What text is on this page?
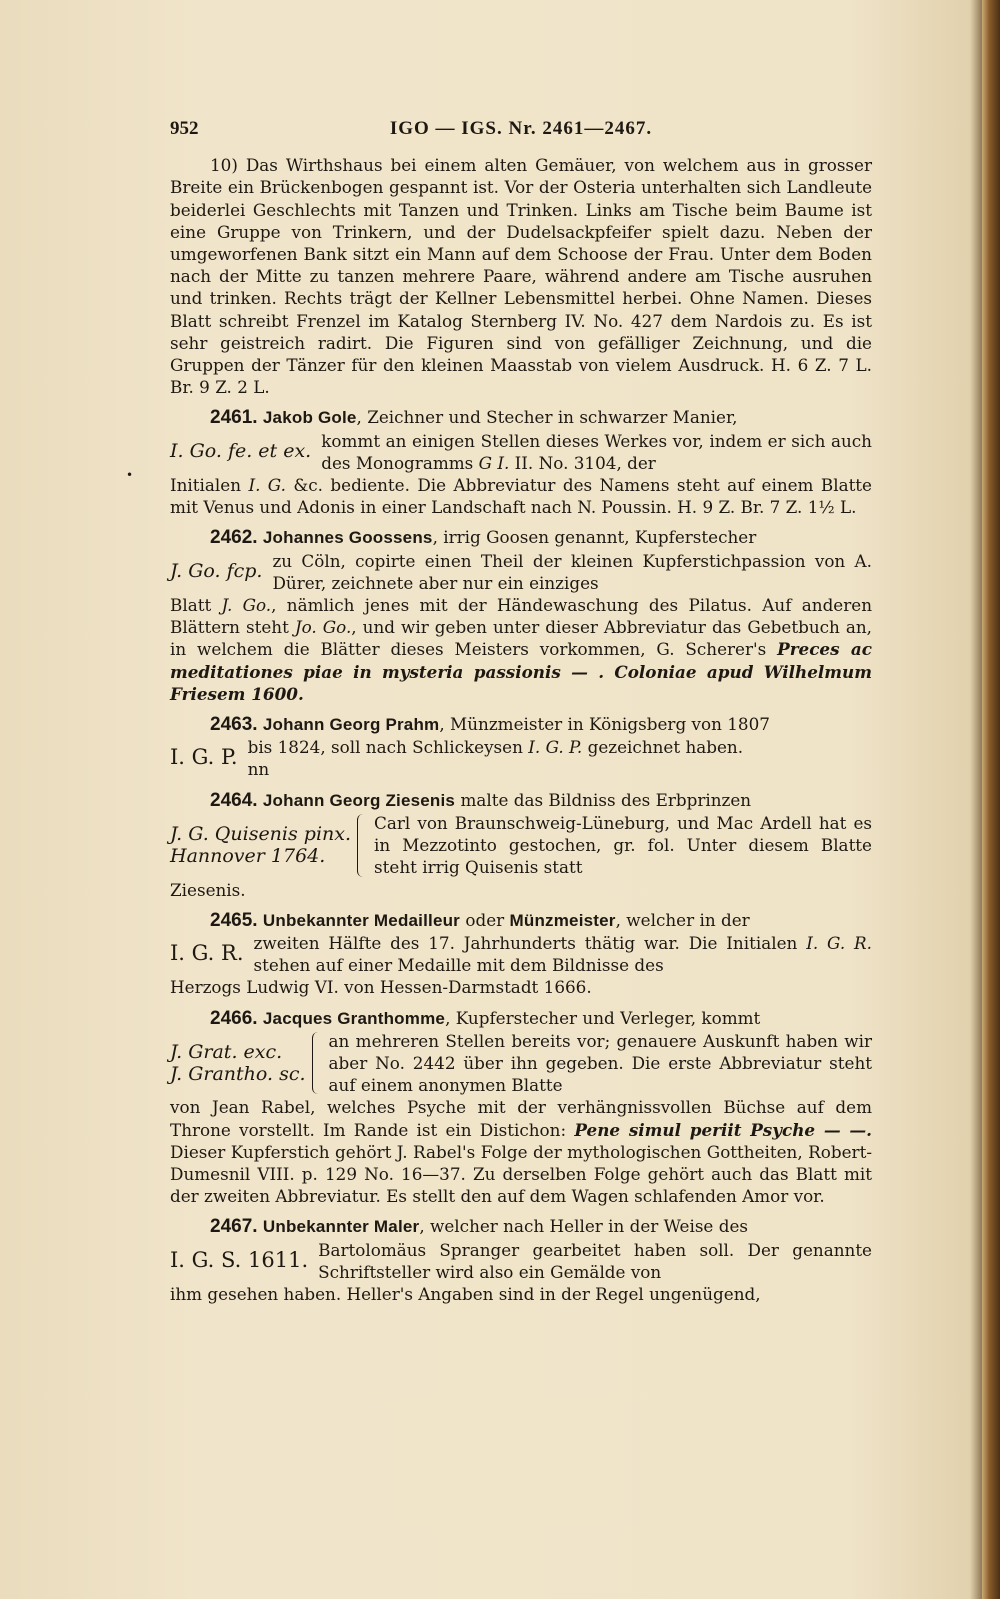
•
952	IGO — IGS. Nr. 2461—2467.

10) Das Wirthshaus bei einem alten Gemäuer, von welchem aus in grosser Breite ein Brückenbogen gespannt ist. Vor der Osteria unterhalten sich Landleute beiderlei Geschlechts mit Tanzen und Trinken. Links am Tische beim Baume ist eine Gruppe von Trinkern, und der Dudelsackpfeifer spielt dazu. Neben der umgeworfenen Bank sitzt ein Mann auf dem Schoose der Frau. Unter dem Boden nach der Mitte zu tanzen mehrere Paare, während andere am Tische ausruhen und trinken. Rechts trägt der Kellner Lebensmittel herbei. Ohne Namen. Dieses Blatt schreibt Frenzel im Katalog Sternberg IV. No. 427 dem Nardois zu. Es ist sehr geistreich radirt. Die Figuren sind von gefälliger Zeichnung, und die Gruppen der Tänzer für den kleinen Maasstab von vielem Ausdruck. H. 6 Z. 7 L. Br. 9 Z. 2 L.

2461. Jakob Gole, Zeichner und Stecher in schwarzer Manier,

I. Go. fe. et ex. kommt an einigen Stellen dieses Werkes vor, indem er sich auch des Monogramms G I. II. No. 3104, der

Initialen I. G. &c. bediente. Die Abbreviatur des Namens steht auf einem Blatte mit Venus und Adonis in einer Landschaft nach N. Poussin. H. 9 Z. Br. 7 Z. 1½ L.

2462. Johannes Goossens, irrig Goosen genannt, Kupferstecher

J. Go. fcp. zu Cöln, copirte einen Theil der kleinen Kupferstichpassion von A. Dürer, zeichnete aber nur ein einziges

Blatt J. Go., nämlich jenes mit der Händewaschung des Pilatus. Auf anderen Blättern steht Jo. Go., und wir geben unter dieser Abbreviatur das Gebetbuch an, in welchem die Blätter dieses Meisters vorkommen, G. Scherer's Preces ac meditationes piae in mysteria passionis — . Coloniae apud Wilhelmum Friesem 1600.

2463. Johann Georg Prahm, Münzmeister in Königsberg von 1807

I. G. P. bis 1824, soll nach Schlickeysen I. G. P. gezeichnet haben.
nn

2464. Johann Georg Ziesenis malte das Bildniss des Erbprinzen

J. G. Quisenis pinx.
Hannover 1764.
Carl von Braunschweig-Lüneburg, und Mac Ardell hat es in Mezzotinto gestochen, gr. fol. Unter diesem Blatte steht irrig Quisenis statt

Ziesenis.

2465. Unbekannter Medailleur oder Münzmeister, welcher in der

I. G. R. zweiten Hälfte des 17. Jahrhunderts thätig war. Die Initialen I. G. R. stehen auf einer Medaille mit dem Bildnisse des

Herzogs Ludwig VI. von Hessen-Darmstadt 1666.

2466. Jacques Granthomme, Kupferstecher und Verleger, kommt

J. Grat. exc.
J. Grantho. sc.
an mehreren Stellen bereits vor; genauere Auskunft haben wir aber No. 2442 über ihn gegeben. Die erste Abbreviatur steht auf einem anonymen Blatte

von Jean Rabel, welches Psyche mit der verhängnissvollen Büchse auf dem Throne vorstellt. Im Rande ist ein Distichon: Pene simul periit Psyche — —. Dieser Kupferstich gehört J. Rabel's Folge der mythologischen Gottheiten, Robert-Dumesnil VIII. p. 129 No. 16—37. Zu derselben Folge gehört auch das Blatt mit der zweiten Abbreviatur. Es stellt den auf dem Wagen schlafenden Amor vor.

2467. Unbekannter Maler, welcher nach Heller in der Weise des

I. G. S. 1611. Bartolomäus Spranger gearbeitet haben soll. Der genannte Schriftsteller wird also ein Gemälde von

ihm gesehen haben. Heller's Angaben sind in der Regel ungenügend,
